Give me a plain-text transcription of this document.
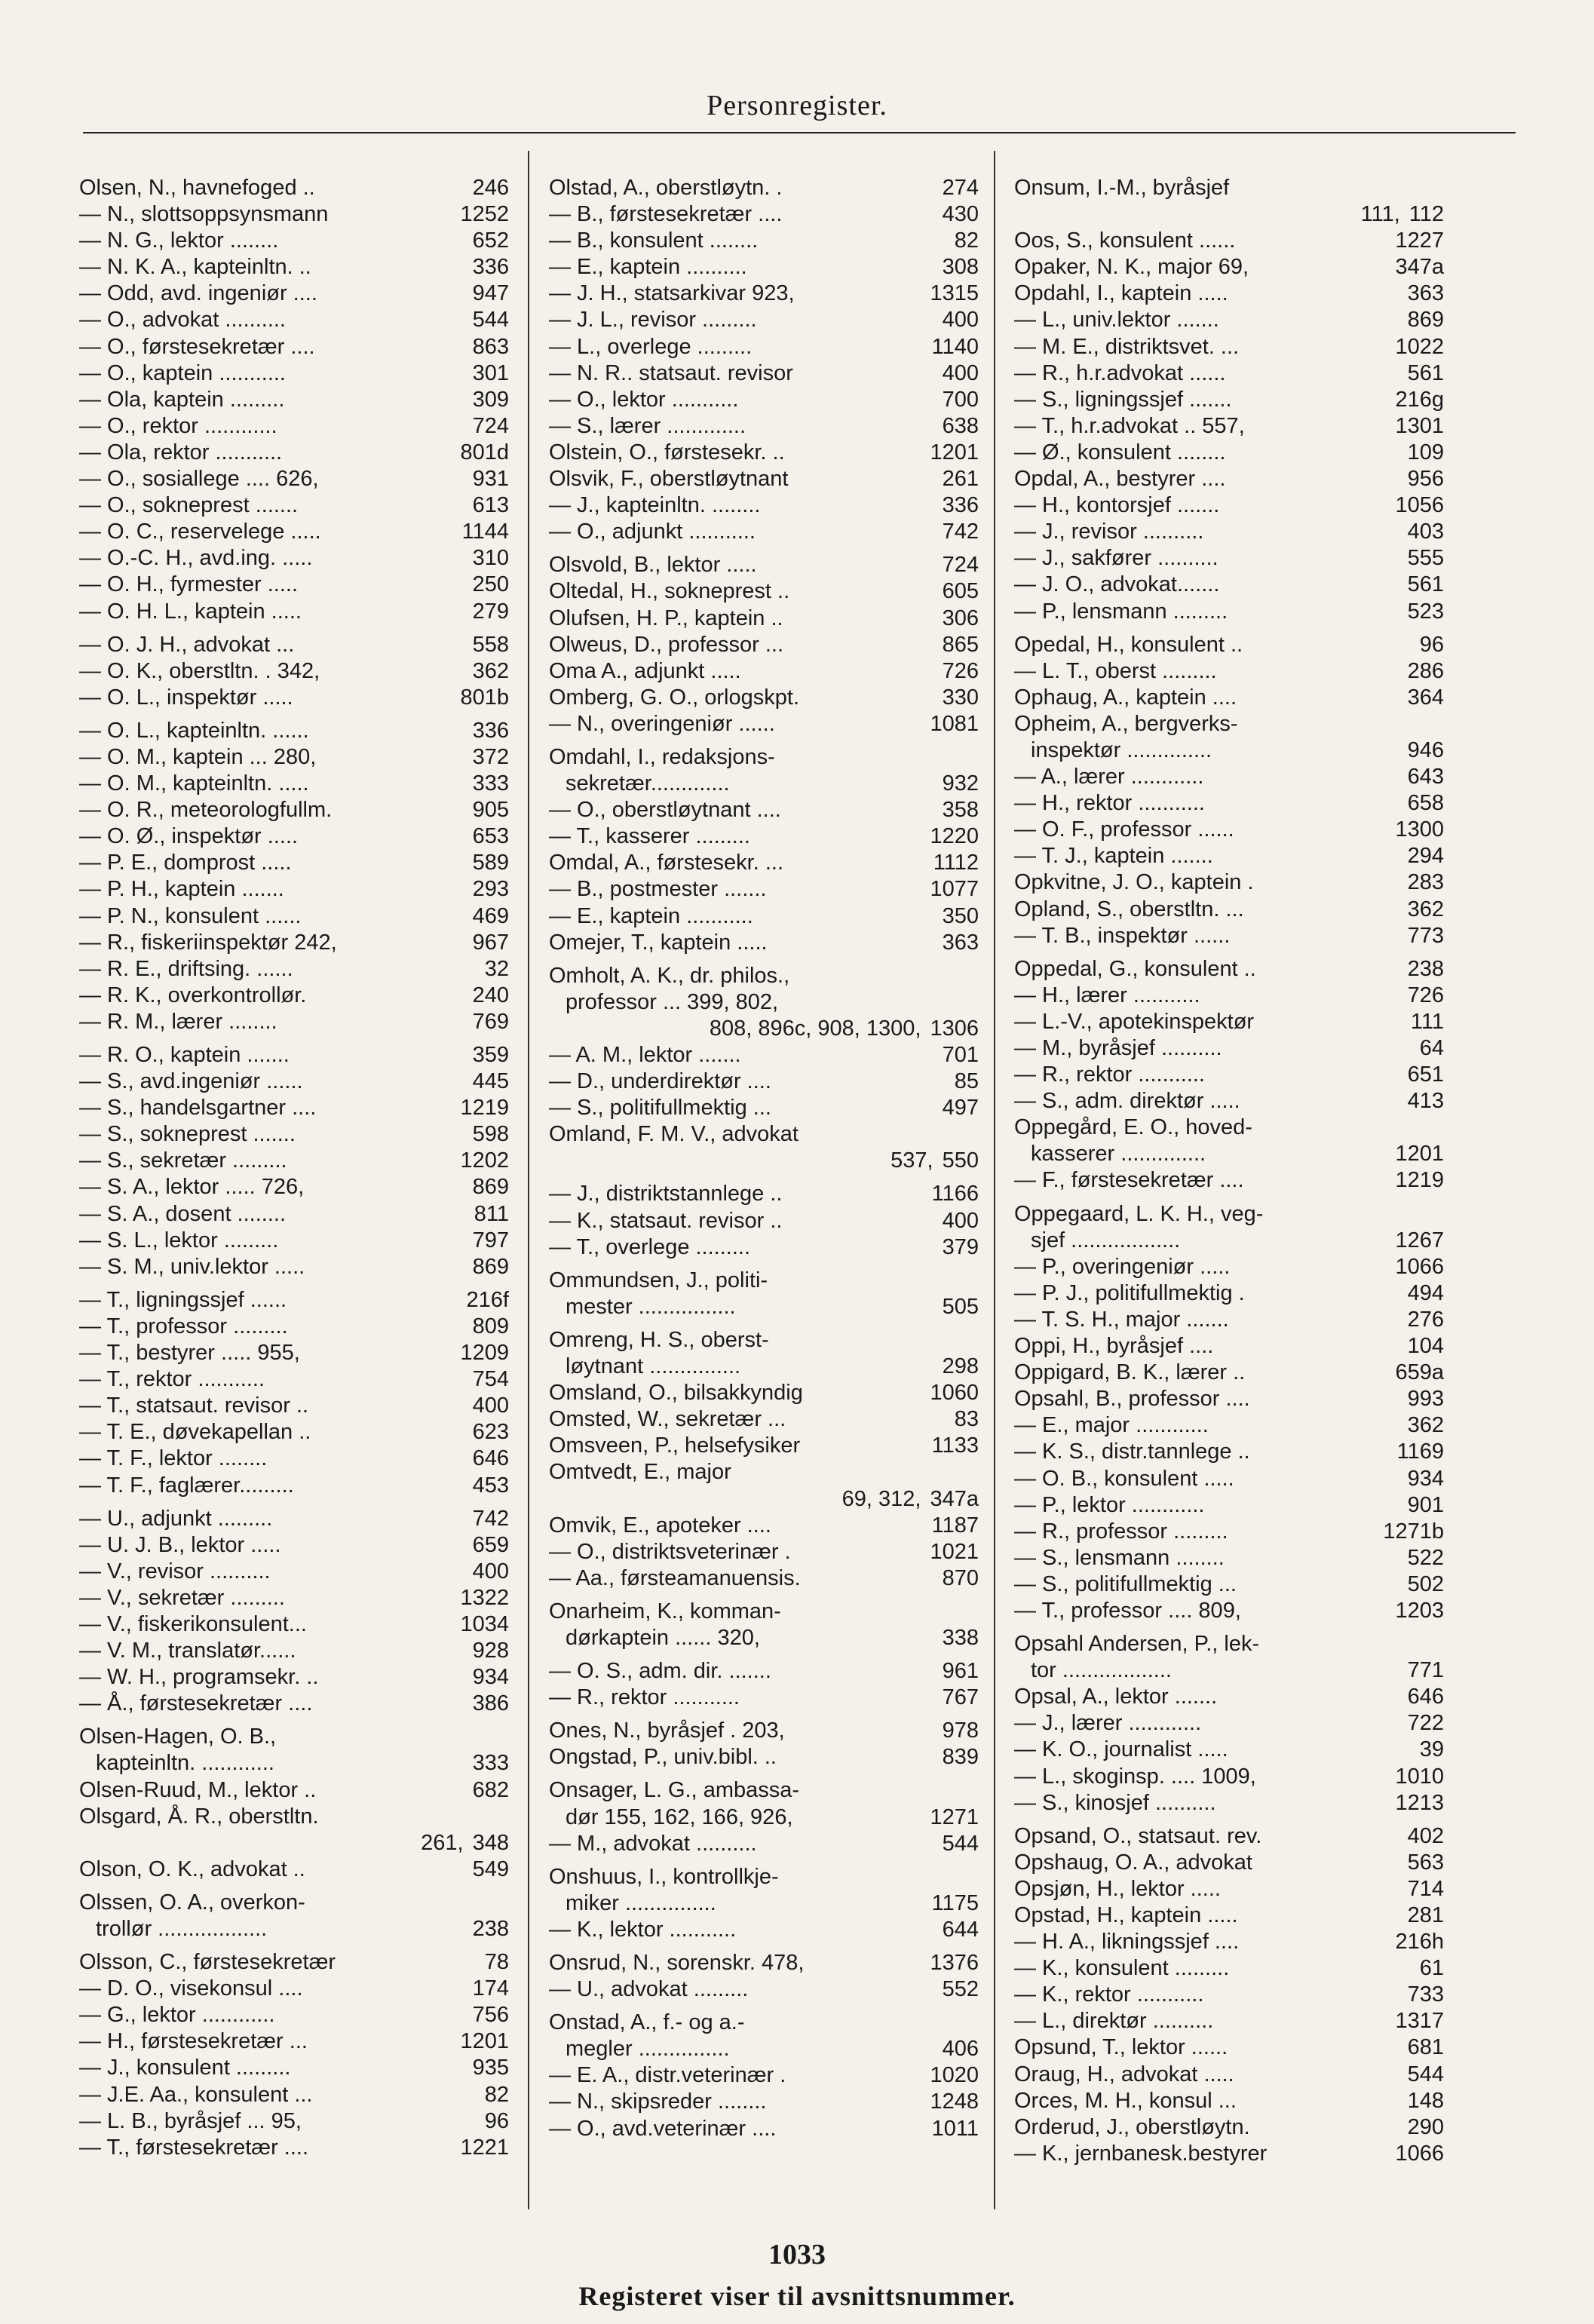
Personregister.
Olsen, N., havnefoged ..	246
— N., slottsoppsynsmann	1252
— N. G., lektor ........	652
— N. K. A., kapteinltn. ..	336
— Odd, avd. ingeniør ....	947
— O., advokat ..........	544
— O., førstesekretær ....	863
— O., kaptein ...........	301
— Ola, kaptein .........	309
— O., rektor ............	724
— Ola, rektor ...........	801d
— O., sosiallege .... 626,	931
— O., sokneprest .......	613
— O. C., reservelege .....	1144
— O.-C. H., avd.ing. .....	310
— O. H., fyrmester .....	250
— O. H. L., kaptein .....	279
— O. J. H., advokat ...	558
— O. K., oberstltn. . 342,	362
— O. L., inspektør .....	801b
— O. L., kapteinltn. ......	336
— O. M., kaptein ... 280,	372
— O. M., kapteinltn. .....	333
— O. R., meteorologfullm.	905
— O. Ø., inspektør .....	653
— P. E., domprost .....	589
— P. H., kaptein .......	293
— P. N., konsulent ......	469
— R., fiskeriinspektør 242,	967
— R. E., driftsing. ......	32
— R. K., overkontrollør.	240
— R. M., lærer ........	769
— R. O., kaptein .......	359
— S., avd.ingeniør ......	445
— S., handelsgartner ....	1219
— S., sokneprest .......	598
— S., sekretær .........	1202
— S. A., lektor ..... 726,	869
— S. A., dosent ........	811
— S. L., lektor .........	797
— S. M., univ.lektor .....	869
— T., ligningssjef ......	216f
— T., professor .........	809
— T., bestyrer ..... 955,	1209
— T., rektor ...........	754
— T., statsaut. revisor ..	400
— T. E., døvekapellan ..	623
— T. F., lektor ........	646
— T. F., faglærer.........	453
— U., adjunkt .........	742
— U. J. B., lektor .....	659
— V., revisor ..........	400
— V., sekretær .........	1322
— V., fiskerikonsulent...	1034
— V. M., translatør......	928
— W. H., programsekr. ..	934
— Å., førstesekretær ....	386
Olsen-Hagen, O. B.,
kapteinltn. ............	333
Olsen-Ruud, M., lektor ..	682
Olsgard, Å. R., oberstltn.
261, 348
Olson, O. K., advokat ..	549
Olssen, O. A., overkon-
trollør ..................	238
Olsson, C., førstesekretær	78
— D. O., visekonsul ....	174
— G., lektor ............	756
— H., førstesekretær ...	1201
— J., konsulent .........	935
— J.E. Aa., konsulent ...	82
— L. B., byråsjef ... 95,	96
— T., førstesekretær ....	1221
Olstad, A., oberstløytn. .	274
— B., førstesekretær ....	430
— B., konsulent ........	82
— E., kaptein ..........	308
— J. H., statsarkivar 923,	1315
— J. L., revisor .........	400
— L., overlege .........	1140
— N. R.. statsaut. revisor	400
— O., lektor ...........	700
— S., lærer .............	638
Olstein, O., førstesekr. ..	1201
Olsvik, F., oberstløytnant	261
— J., kapteinltn. ........	336
— O., adjunkt ...........	742
Olsvold, B., lektor .....	724
Oltedal, H., sokneprest ..	605
Olufsen, H. P., kaptein ..	306
Olweus, D., professor ...	865
Oma A., adjunkt .....	726
Omberg, G. O., orlogskpt.	330
— N., overingeniør ......	1081
Omdahl, I., redaksjons-
sekretær.............	932
— O., oberstløytnant ....	358
— T., kasserer .........	1220
Omdal, A., førstesekr. ...	1112
— B., postmester .......	1077
— E., kaptein ...........	350
Omejer, T., kaptein .....	363
Omholt, A. K., dr. philos.,
professor ... 399, 802,
808, 896c, 908, 1300, 1306
— A. M., lektor .......	701
— D., underdirektør ....	85
— S., politifullmektig ...	497
Omland, F. M. V., advokat
537, 550
— J., distriktstannlege ..	1166
— K., statsaut. revisor ..	400
— T., overlege .........	379
Ommundsen, J., politi-
mester ................	505
Omreng, H. S., oberst-
løytnant ...............	298
Omsland, O., bilsakkyndig	1060
Omsted, W., sekretær ...	83
Omsveen, P., helsefysiker	1133
Omtvedt, E., major
69, 312, 347a
Omvik, E., apoteker ....	1187
— O., distriktsveterinær .	1021
— Aa., førsteamanuensis.	870
Onarheim, K., komman-
dørkaptein ...... 320,	338
— O. S., adm. dir. .......	961
— R., rektor ...........	767
Ones, N., byråsjef . 203,	978
Ongstad, P., univ.bibl. ..	839
Onsager, L. G., ambassa-
dør 155, 162, 166, 926,	1271
— M., advokat ..........	544
Onshuus, I., kontrollkje-
miker ...............	1175
— K., lektor ...........	644
Onsrud, N., sorenskr. 478,	1376
— U., advokat .........	552
Onstad, A., f.- og a.-
megler ...............	406
— E. A., distr.veterinær .	1020
— N., skipsreder ........	1248
— O., avd.veterinær ....	1011
Onsum, I.-M., byråsjef
111, 112
Oos, S., konsulent ......	1227
Opaker, N. K., major 69,	347a
Opdahl, I., kaptein .....	363
— L., univ.lektor .......	869
— M. E., distriktsvet. ...	1022
— R., h.r.advokat ......	561
— S., ligningssjef .......	216g
— T., h.r.advokat .. 557,	1301
— Ø., konsulent ........	109
Opdal, A., bestyrer ....	956
— H., kontorsjef .......	1056
— J., revisor ..........	403
— J., sakfører ..........	555
— J. O., advokat.......	561
— P., lensmann .........	523
Opedal, H., konsulent ..	96
— L. T., oberst .........	286
Ophaug, A., kaptein ....	364
Opheim, A., bergverks-
inspektør ..............	946
— A., lærer ............	643
— H., rektor ...........	658
— O. F., professor ......	1300
— T. J., kaptein .......	294
Opkvitne, J. O., kaptein .	283
Opland, S., oberstltn. ...	362
— T. B., inspektør ......	773
Oppedal, G., konsulent ..	238
— H., lærer ...........	726
— L.-V., apotekinspektør	111
— M., byråsjef ..........	64
— R., rektor ...........	651
— S., adm. direktør .....	413
Oppegård, E. O., hoved-
kasserer ..............	1201
— F., førstesekretær ....	1219
Oppegaard, L. K. H., veg-
sjef ..................	1267
— P., overingeniør .....	1066
— P. J., politifullmektig .	494
— T. S. H., major .......	276
Oppi, H., byråsjef ....	104
Oppigard, B. K., lærer ..	659a
Opsahl, B., professor ....	993
— E., major ............	362
— K. S., distr.tannlege ..	1169
— O. B., konsulent .....	934
— P., lektor ............	901
— R., professor .........	1271b
— S., lensmann ........	522
— S., politifullmektig ...	502
— T., professor .... 809,	1203
Opsahl Andersen, P., lek-
tor ..................	771
Opsal, A., lektor .......	646
— J., lærer ............	722
— K. O., journalist .....	39
— L., skoginsp. .... 1009,	1010
— S., kinosjef ..........	1213
Opsand, O., statsaut. rev.	402
Opshaug, O. A., advokat	563
Opsjøn, H., lektor .....	714
Opstad, H., kaptein .....	281
— H. A., likningssjef ....	216h
— K., konsulent .........	61
— K., rektor ...........	733
— L., direktør ..........	1317
Opsund, T., lektor ......	681
Oraug, H., advokat .....	544
Orces, M. H., konsul ...	148
Orderud, J., oberstløytn.	290
— K., jernbanesk.bestyrer	1066
1033
Registeret viser til avsnittsnummer.
